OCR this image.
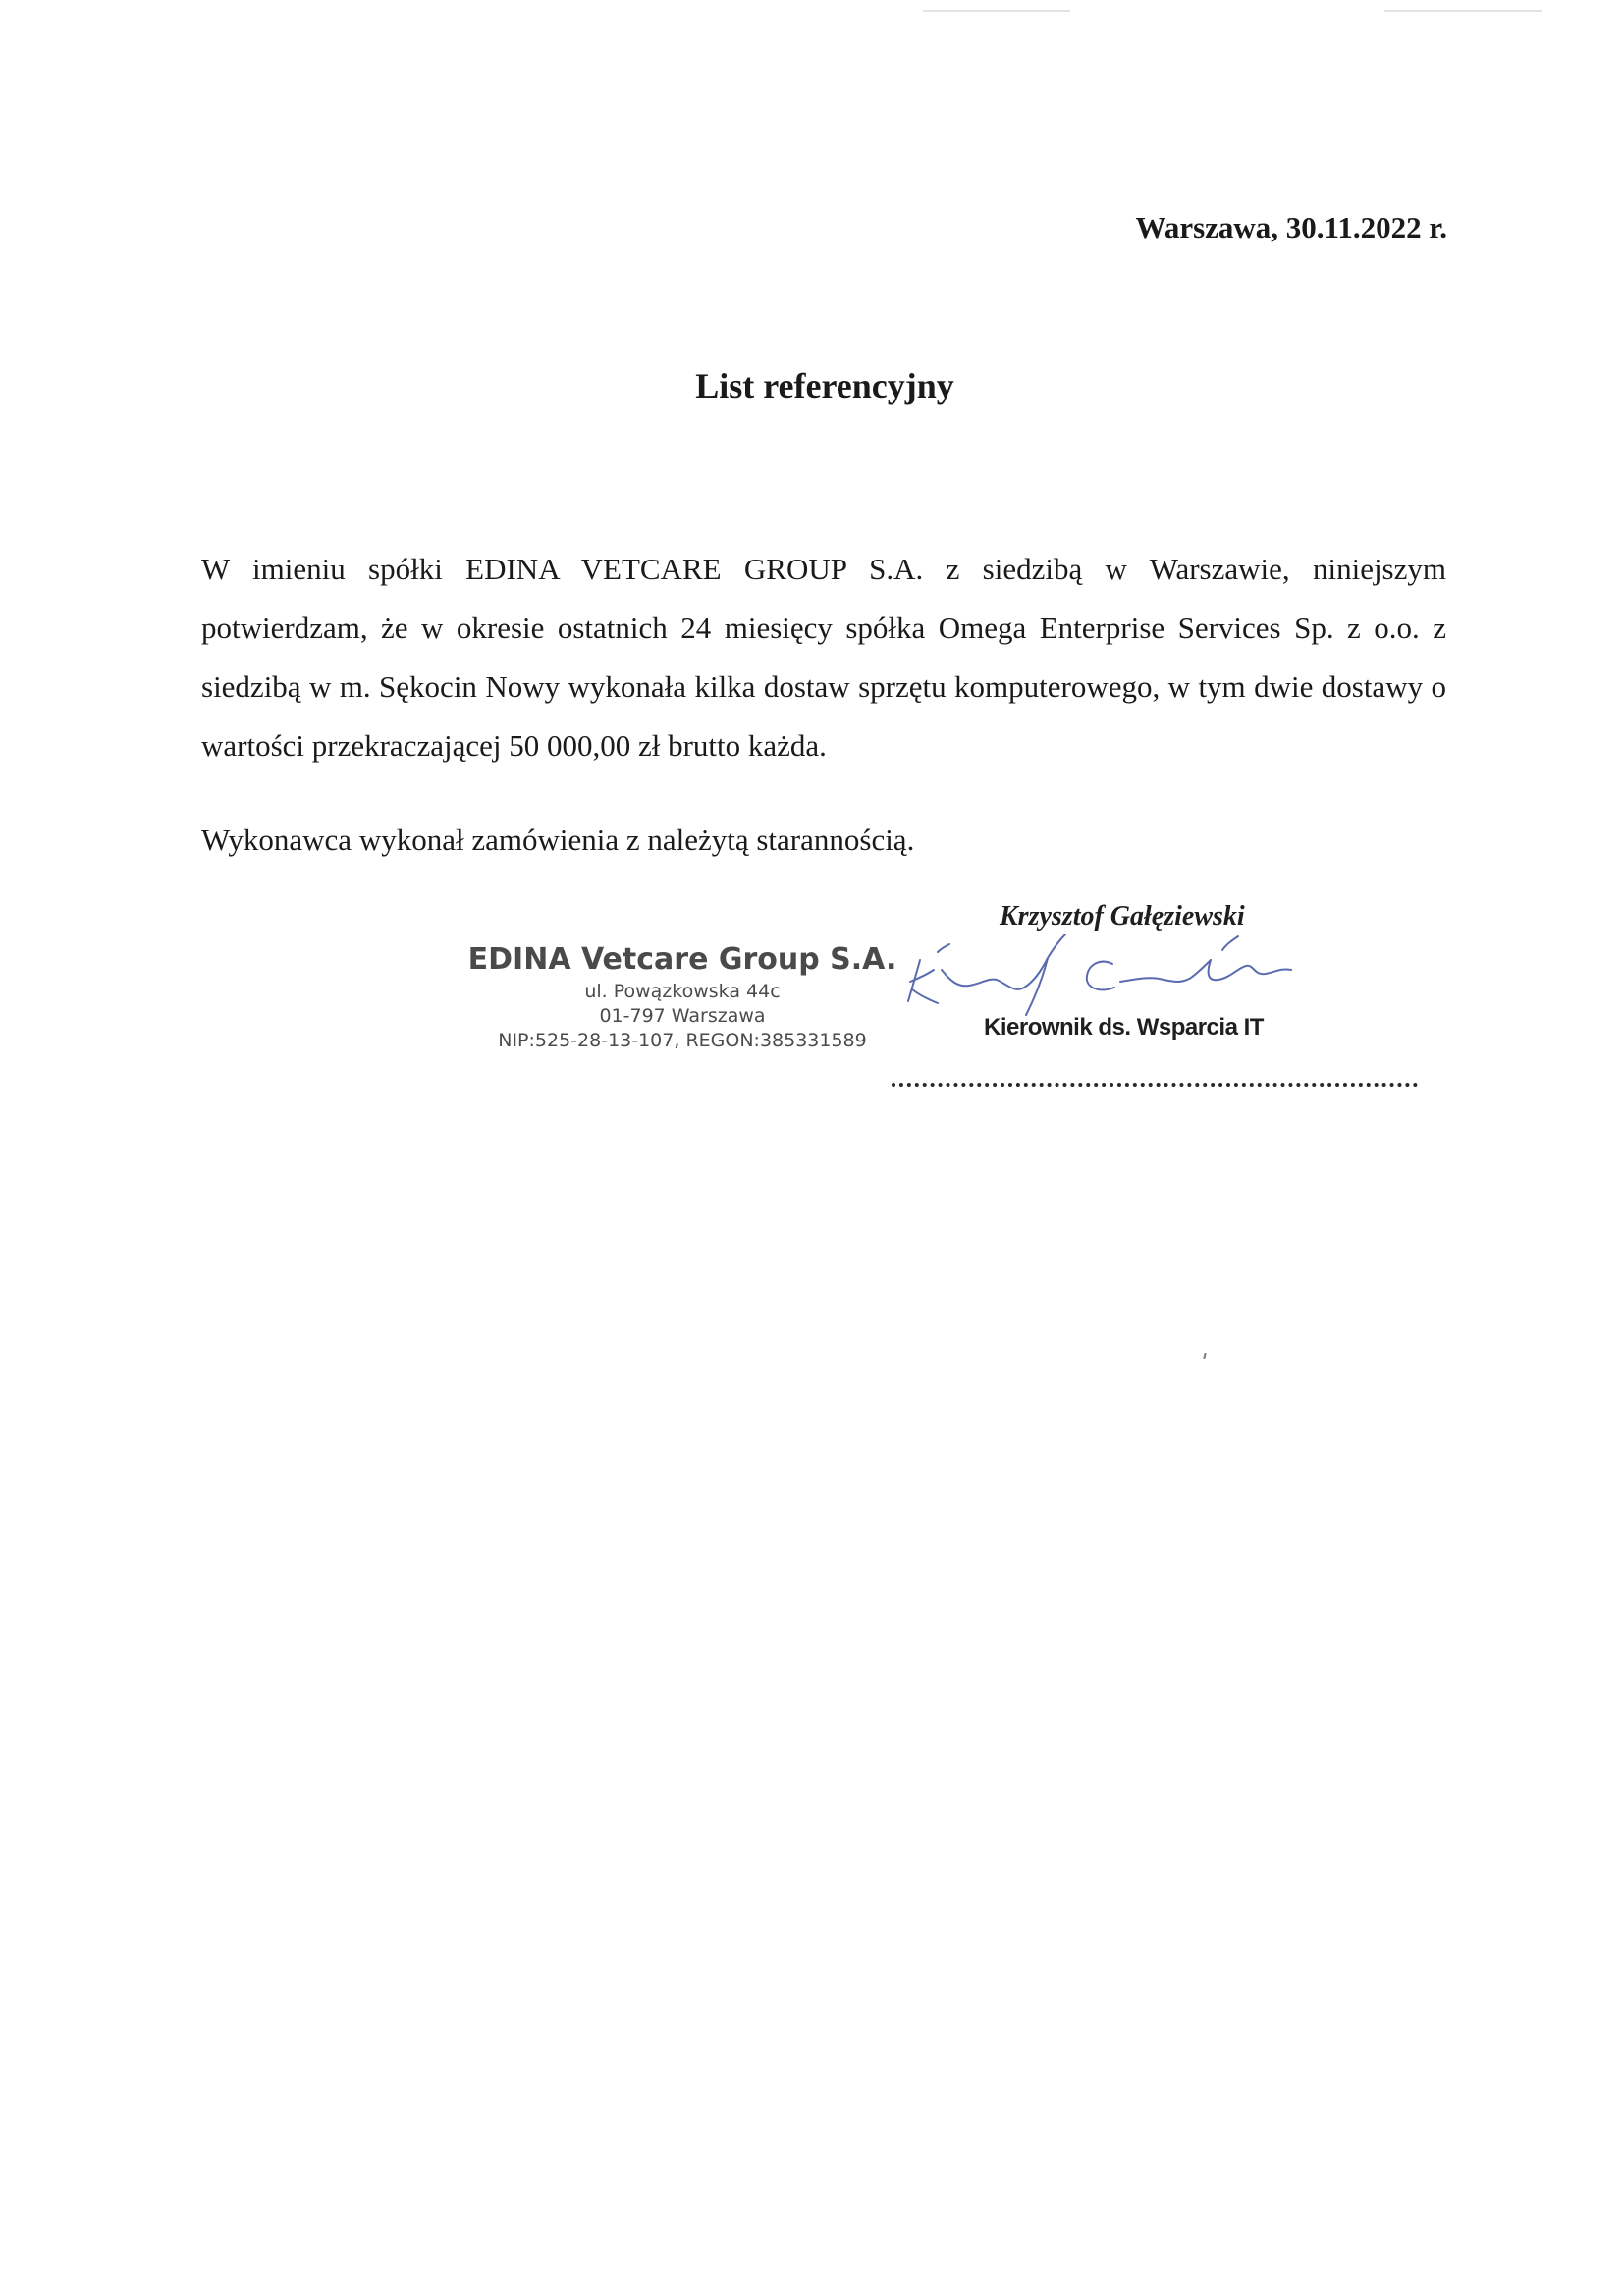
Warszawa, 30.11.2022 r.
List referencyjny

W imieniu spółki EDINA VETCARE GROUP S.A. z siedzibą w Warszawie, niniejszym potwierdzam, że w okresie ostatnich 24 miesięcy spółka Omega Enterprise Services Sp. z o.o. z siedzibą w m. Sękocin Nowy wykonała kilka dostaw sprzętu komputerowego, w tym dwie dostawy o wartości przekraczającej 50 000,00 zł brutto każda.

Wykonawca wykonał zamówienia z należytą starannością.

EDINA Vetcare Group S.A.
ul. Powązkowska 44c
01-797 Warszawa
NIP:525-28-13-107, REGON:385331589
Krzysztof Gałęziewski
Kierownik ds. Wsparcia IT
